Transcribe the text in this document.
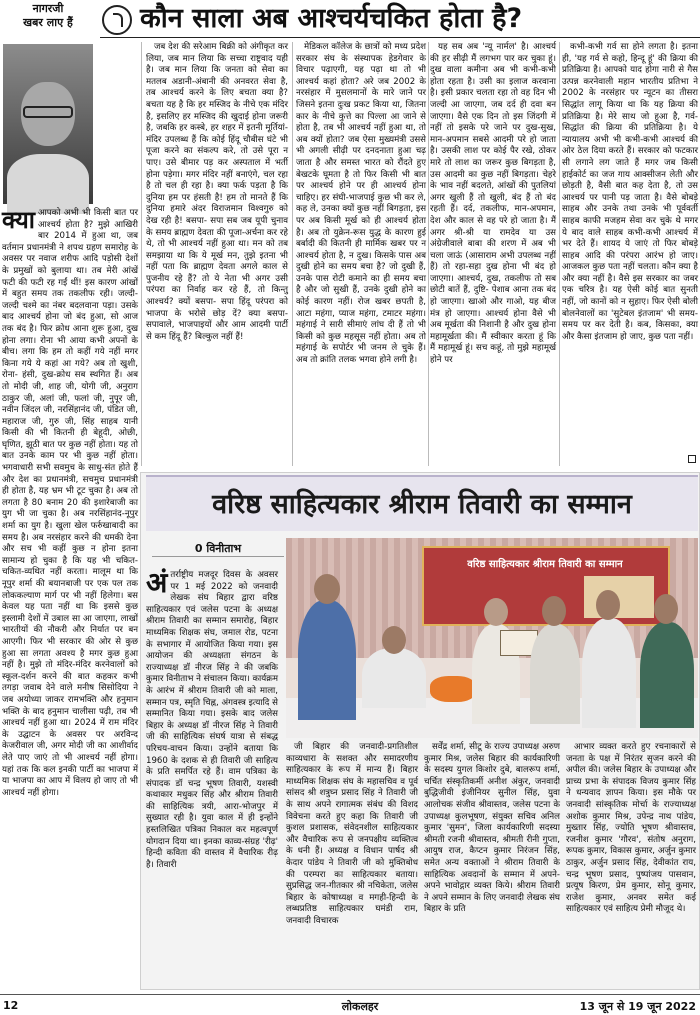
नागरजी
खबर लाए हैं	कौन साला अब आश्चर्यचकित होता है?
क्या आपको अभी भी किसी बात पर आश्चर्य होता है? मुझे आखिरी बार 2014 में हुआ था, जब वर्तमान प्रधानमंत्री ने शपथ ग्रहण समारोह के अवसर पर नवाज शरीफ आदि पड़ोसी देशों के प्रमुखों को बुलाया था। तब मेरी आंखें फटी की फटी रह गईं थीं! इस कारण आंखों में बहुत समय तक तकलीफ रही। जल्दी-जल्दी चश्मे का नंबर बदलवाना पड़ा। उसके बाद आश्चर्य होना जो बंद हुआ, सो आज तक बंद है। फिर क्रोध आना शुरू हुआ, दुख होना लगा। रोना भी आया कभी अपनों के बीच। लगा कि हम तो कहीं गये नहीं मगर किना गये ये कहां आ गये? अब तो खुशी, रोना- हंसी, दुख-क्रोध सब स्थगित हैं। अब तो मोदी जी, शाह जी, योगी जी, अनुराग ठाकुर जी, अलां जी, फलां जी, नुपूर जी, नवीन जिंदल जी, नरसिंहानंद जी, पंडित जी, महाराज जी, गुरु जी, सिंह साहब यानी किसी की भी कितनी ही बेहूदी, ओछी, घृणित, झूठी बात पर कुछ नहीं होता। यह तो बात उनके काम पर भी कुछ नहीं होता। भगवाधारी सभी सवमुच के साधु-संत होते हैं और देश का प्रधानमंत्री, सचमुच प्रधानमंत्री ही होता है, यह भ्रम भी टूट चुका है। अब तो लगता है 80 बनाम 20 की इशारेबाजी का युग भी जा चुका है। अब नरसिंहानंद-नूपुर शर्मा का युग है। खुला खेल फर्रुखाबादी का समय है। अब नरसंहार करने की धमकी देना और सच भी कहीं कुछ न होना इतना सामान्य हो चुका है कि यह भी चकित-चकित-व्यथित नहीं करता। मालूम था कि नूपुर शर्मा की बयानबाजी पर एक पल तक लोककल्याण मार्ग पर भी नहीं हिलेगा। बस केवल यह पता नहीं था कि इससे कुछ इस्लामी देशों में उबाल सा आ जाएगा, लाखों भारतीयों की नौकरी और निर्यात पर बन आएगी। फिर भी सरकार की ओर से कुछ हुआ सा लगता अवश्य है मगर कुछ हुआ नहीं है। मुझे तो मंदिर-मंदिर करनेवालों को स्कूल-दर्शन करने की बात कहकर कभी तगड़ा जवाब देने वाले मनीष सिसोदिया ने जब अयोध्या जाकर रामभक्ति और हनुमान भक्ति के बाद हनुमान चालीसा पढ़ी, तब भी आश्चर्य नहीं हुआ था। 2024 में राम मंदिर के उद्घाटन के अवसर पर अरविन्द केजरीवाल जी, अगर मोदी जी का आशीर्वाद लेते पाए जाएं तो भी आश्चर्य नहीं होगा। यहां तक कि कल इनकी पार्टी का भाजपा में या भाजपा का आप में विलय हो जाए तो भी आश्चर्य नहीं होगा।

जब देश की सरेआम बिक्री को अंगीकृत कर लिया, जब मान लिया कि सच्चा राष्ट्रवाद यही है। जब मान लिया कि जनता को सेवा का मतलब अडानी-अंबानी की अनवरत सेवा है, तब आश्चर्य करने के लिए बचता क्या है? बचता यह है कि हर मस्जिद के नीचे एक मंदिर है, इसलिए हर मस्जिद की खुदाई होना जरूरी है, जबकि हर कस्बे, हर शहर में इतनी मूर्तियां-मंदिर उपलब्ध हैं कि कोई हिंदू चौबीस घंटे भी पूजा करने का संकल्प करे, तो उसे पूरा न पाए। उसे बीमार पड़ कर अस्पताल में भर्ती होना पड़ेगा। मगर मंदिर नहीं बनाएंगे, चल रहा है तो चल ही रहा है। क्या फर्क पड़ता है कि दुनिया हम पर हंसती है! हम तो मानते हैं कि दुनिया हमारे अंदर विराजमान विश्वगुरु को देख रही है! बसपा- सपा सब जब यूपी चुनाव के समय ब्राह्मण देवता की पूजा-अर्चना कर रहे थे, तो भी आश्चर्य नहीं हुआ था। मन को तब समझाया था कि ये मूर्ख मन, तुझे इतना भी नहीं पता कि ब्राह्मण देवता अगले काल से पुजनीय रहे हैं? तो ये नेता भी अगर उसी परंपरा का निर्वाह कर रहे हैं, तो किन्तु आश्चर्य? क्यों बसपा- सपा हिंदू परंपरा को भाजपा के भरोसे छोड़ दें? क्या बसपा-सपावाले, भाजपाइयों और आम आदमी पार्टी से कम हिंदू हैं? बिल्कुल नहीं हैं!

मेडिकल कॉलेज के छात्रों को मध्य प्रदेश सरकार संघ के संस्थापक हेडगेवार के विचार पढ़ाएगी, यह पढ़ा था तो भी आश्चर्य कहां होता? अरे जब 2002 के नरसंहार में मुसलमानों के मारे जाने पर जिसने इतना दुःख प्रकट किया था, जितना कार के नीचे कुत्ते का पिल्ला आ जाने से होता है, तब भी आश्चर्य नहीं हुआ था, तो अब क्यों होता? जब ऐसा मुख्यमंत्री उससे भी अगली सीढ़ी पर दनदनाता हुआ चढ़ जाता है और समस्त भारत को रौंदते हुए बेखटके घूमता है तो फिर किसी भी बात पर आश्चर्य होने पर ही आश्चर्य होना चाहिए। हर संघी-भाजपाई कुछ भी कर ले, कह ले, उनका क्यों कुछ नहीं बिगड़ता, इस पर अब किसी मूर्ख को ही आश्चर्य होता है। अब तो युक्रेन-रूस युद्ध के कारण हुई बर्बादी की कितनी ही मार्मिक खबर पर न आश्चर्य होता है, न दुख। किसके पास अब दुखी होने का समय बचा है? जो दुखी हैं, उनके पास रोटी कमाने का ही समय बचा है और जो सुखी हैं, उनके दुखी होने का कोई कारण नहीं। रोज खबर छपती है, आटा महंगा, प्याज महंगा, टमाटर महंगा। महंगाई ने सारी सीमाएं लांघ दी हैं तो भी किसी को कुछ महसूस नहीं होता। अब तो महंगाई के सपोर्टर भी जनम ले चुके हैं। अब तो क्रांति तलक भगवा होने लगी है।

यह सब अब 'न्यू नार्मल' है। आश्चर्य की हर सीढ़ी मैं लगभग पार कर चुका हूं। दुख वाला कमीना अब भी कभी-कभी होता रहता है। उसी का इलाज करवाना है। इसी प्रकार चलता रहा तो वह दिन भी जल्दी आ जाएगा, जब दर्द ही दवा बन जाएगा। वैसे एक दिन तो इस जिंदगी में नहीं तो इसके परे जाने पर दुख-सुख, मान-अपमान सबसे आदमी परे हो जाता है। उसकी लाश पर कोई पैर रखे, ठोकर मारे तो लाश का जरूर कुछ बिगड़ता है, उस आदमी का कुछ नहीं बिगड़ता। चेहरे के भाव नहीं बदलते, आंखों की पुतलियां अगर खुली हैं तो खुली, बंद हैं तो बंद रहती हैं। दर्द, तकलीफ, मान-अपमान, देश और काल से वह परे हो जाता है। मैं अगर श्री-श्री या रामदेव या उस अंग्रेजीवाले बाबा की शरण में अब भी चला जाऊं (आसाराम अभी उपलब्ध नहीं हैं) तो रहा-सहा दुख होना भी बंद हो जाएगा। आश्चर्य, दुख, तकलीफ तो सब छोटी बातें हैं, दुष्टि- पेशाब आना तक बंद हो जाएगा। खाओ और गाओ, यह बीज मंत्र हो जाएगा। आश्चर्य होना वैसे भी अब मूर्खता की निशानी है और दुख होना महामूर्खता की। मैं स्वीकार करता हूं कि मैं महामूर्ख हूं। सच कहूं, तो मुझे महामूर्ख होने पर

कभी-कभी गर्व सा होने लगता है। इतना ही, 'यह गर्व से कहो, हिन्दू हूं' की क्रिया की प्रतिक्रिया है। आपको याद होगा नारी से गैस उत्पन्न करनेवाली महान भारतीय प्रतिभा ने 2002 के नरसंहार पर न्यूटन का तीसरा सिद्धांत लागू किया था कि यह क्रिया की प्रतिक्रिया है। मेरे साथ जो हुआ है, गर्व-सिद्धांत की क्रिया की प्रतिक्रिया है। ये न्यायालय अभी भी कभी-कभी आश्चर्य की ओर ठेल दिया करते हैं। सरकार को फटकार सी लगाने लग जाते हैं मगर जब किसी हाईकोर्ट का जज गाय आक्सीजन लेती और छोड़ती है, वैसी बात कह देता है, तो उस आश्चर्य पर पानी पड़ जाता है। वैसे बोबड़े साहब और उनके तथा उनके भी पूर्ववर्ती साहब काफी मजहम सेवा कर चुके थे मगर ये बाद वाले साहब कभी-कभी आश्चर्य में भर देते हैं। शायद ये जाएं तो फिर बोबड़े साहब आदि की परंपरा आरंभ हो जाए। आजकल कुछ पता नहीं चलता। कौन क्या है और क्या नहीं है। वैसे इस सरकार का जबर एक चरित्र है। यह ऐसी कोई बात सुनती नहीं, जो कानों को न सुहाए। फिर ऐसी बोली बोलनेवालों का 'सुटेबल इंतजाम' भी समय-समय पर कर देती है। कब, किसका, क्या और कैसा इंतजाम हो जाए, कुछ पता नहीं।

वरिष्ठ साहित्यकार श्रीराम तिवारी का सम्मान
0 विनीताभ
अं तर्राष्ट्रीय मजदूर दिवस के अवसर पर 1 मई 2022 को जनवादी लेखक संघ बिहार द्वारा वरिष्ठ साहित्यकार एवं जलेस पटना के अध्यक्ष श्रीराम तिवारी का सम्मान समारोह, बिहार माध्यमिक शिक्षक संघ, जमाल रोड, पटना के सभागार में आयोजित किया गया। इस आयोजन की अध्यक्षता संगठन के राज्याध्यक्ष डॉ नीरज सिंह ने की जबकि कुमार विनीताभ ने संचालन किया। कार्यक्रम के आरंभ में श्रीराम तिवारी जी को माला, सम्मान पत्र, स्मृति चिह्न, अंगवस्त्र इत्यादि से सम्मानित किया गया। इसके बाद जलेस बिहार के अध्यक्ष डॉ नीरज सिंह ने तिवारी जी की साहित्यिक संघर्ष यात्रा से संबद्ध परिचय-वाचन किया। उन्होंने बताया कि 1960 के दशक से ही तिवारी जी साहित्य के प्रति समर्पित रहे हैं। वाम पत्रिका के संपादक डॉ चन्द्र भूषण तिवारी, यशस्वी कथाकार मधुकर सिंह और श्रीराम तिवारी की साहित्यिक त्रयी, आरा-भोजपुर में सुख्यात रही है। युवा काल में ही इन्होंने हस्तलिखित पत्रिका निकाल कर महत्वपूर्ण योगदान दिया था। इनका काव्य-संग्रह 'रीढ़' हिन्दी कविता की वास्तव में वैचारिक रीढ़ है। तिवारी
वरिष्ठ साहित्यकार श्रीराम तिवारी का सम्मान

जी बिहार की जनवादी-प्रगतिशील काव्यधारा के सशक्त और समादरणीय साहित्यकार के रूप में मान्य हैं। बिहार माध्यमिक शिक्षक संघ के महासचिव व पूर्व सांसद श्री शत्रुघ्न प्रसाद सिंह ने तिवारी जी के साथ अपने रागात्मक संबंध की विशद विवेचना करते हुए कहा कि तिवारी जी कुशल प्रशासक, संवेदनशील साहित्यकार और वैचारिक रूप से जनपक्षीय व्यक्तित्व के धनी हैं। अध्यक्ष व विधान पार्षद श्री केदार पांडेय ने तिवारी जी को मुक्तिबोध की परम्परा का साहित्यकार बताया। सुप्रसिद्ध जन-गीतकार श्री नचिकेता, जलेस बिहार के कोषाध्यक्ष व मगही-हिन्दी के लब्धप्रतिष्ठ साहित्यकार घमंडी राम, जनवादी विचारक

सर्वेंद्र शर्मा, सीटू के राज्य उपाध्यक्ष अरुण कुमार मिश्र, जलेस बिहार की कार्यकारिणी के सदस्य युगल किशोर दुबे, बालरूप शर्मा, चर्चित संस्कृतिकर्मी अनीश अंकुर, जनवादी बुद्धिजीवी इंजीनियर सुनील सिंह, युवा आलोचक संजीव श्रीवास्तव, जलेस पटना के उपाध्यक्ष कुलभूषण, संयुक्त सचिव अनिल कुमार 'सुमन', जिला कार्यकारिणी सदस्या श्रीमती रजनी श्रीवास्तव, श्रीमती रीनी गुप्ता, आयुष राज, कैप्टन कुमार निरंजन सिंह, समेत अन्य वक्ताओं ने श्रीराम तिवारी के साहित्यिक अवदानों के सम्मान में अपने-अपने भावोद्गार व्यक्त किये। श्रीराम तिवारी ने अपने सम्मान के लिए जनवादी लेखक संघ बिहार के प्रति

आभार व्यक्त करते हुए रचनाकारों से जनता के पक्ष में निरंतर सृजन करने की अपील की। जलेस बिहार के उपाध्यक्ष और प्राच्य प्रभा के संपादक विजय कुमार सिंह ने धन्यवाद ज्ञापन किया। इस मौके पर जनवादी सांस्कृतिक मोर्चा के राज्याध्यक्ष अशोक कुमार मिश्र, उपेन्द्र नाथ पांडेय, मुख्तार सिंह, ज्योति भूषण श्रीवास्तव, रजनीश कुमार 'गौरव', संतोष अनुराग, रूपक कुमार, विकास कुमार, अर्जुन कुमार ठाकुर, अर्जुन प्रसाद सिंह, देवीकांत राय, चन्द्र भूषण प्रसाद, पुष्पांजय पासवान, प्रत्यूष किरण, प्रेम कुमार, सोनू कुमार, राजेश कुमार, अनवर समेत कई साहित्यकार एवं साहित्य प्रेमी मौजूद थे।

12	लोकलहर	13 जून से 19 जून 2022
